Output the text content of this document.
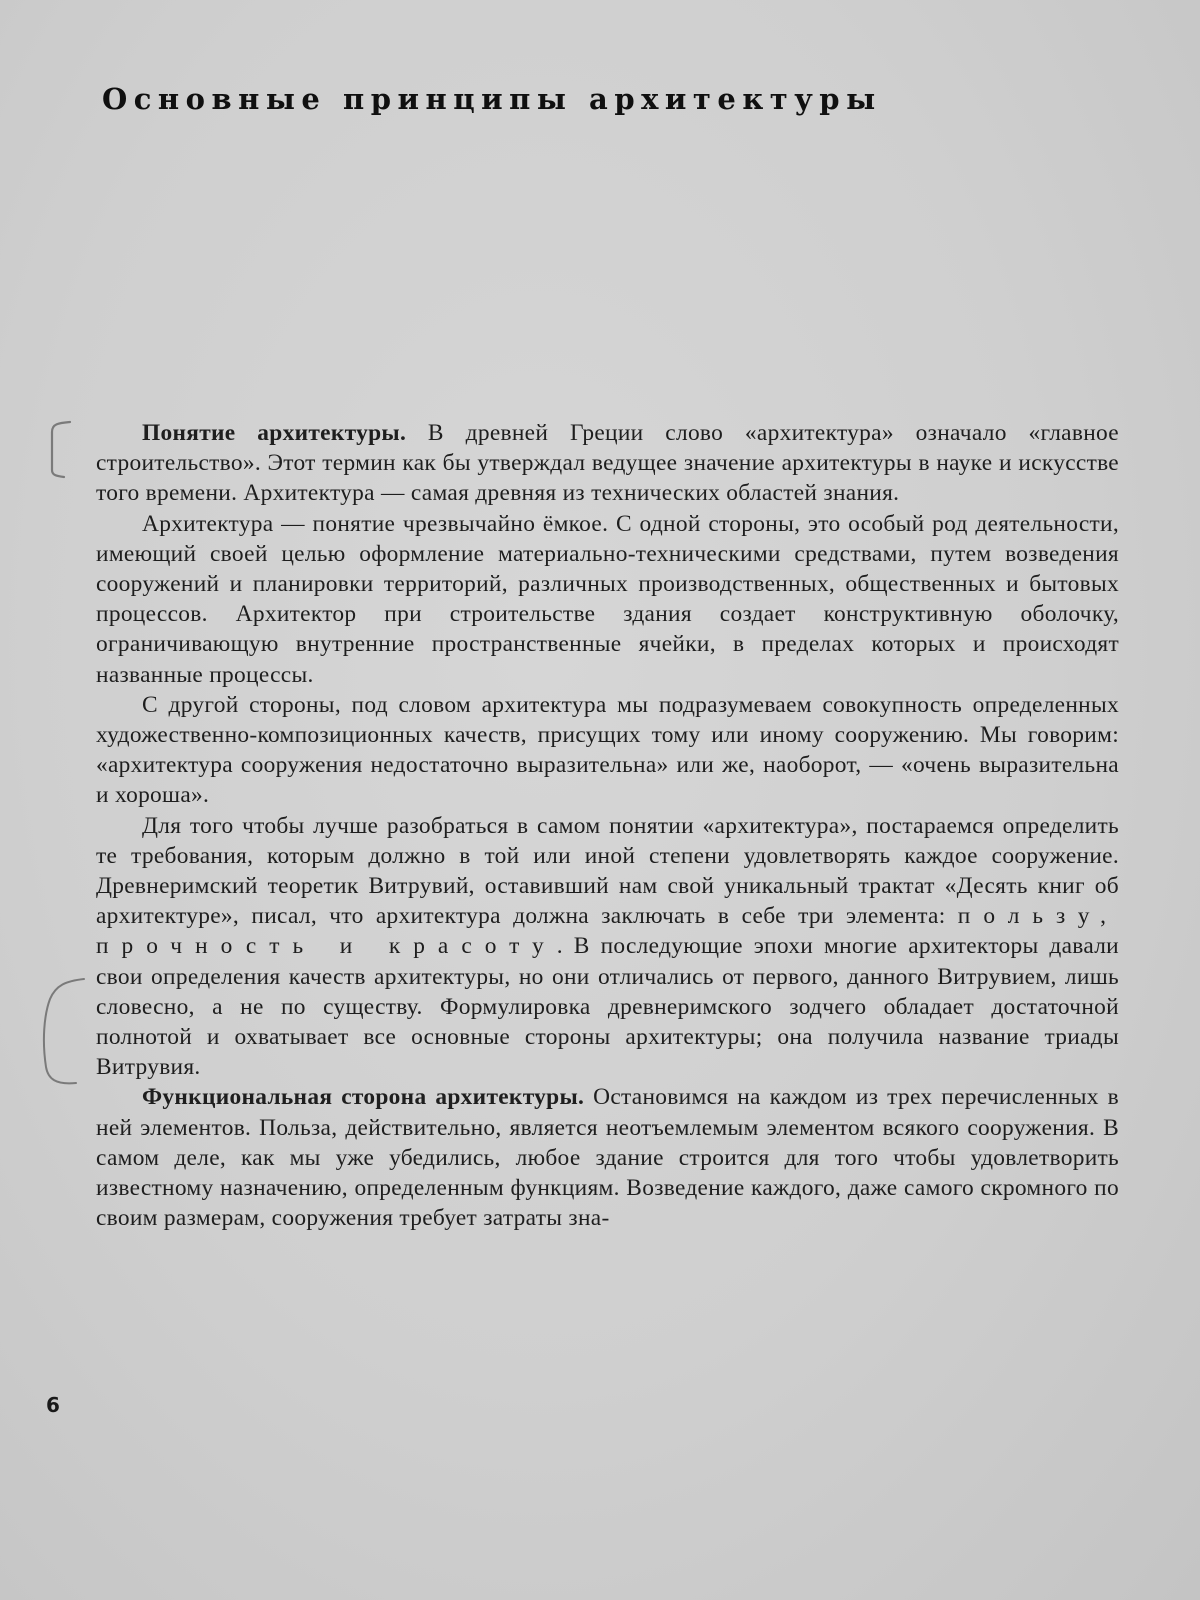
Основные принципы архитектуры

Понятие архитектуры. В древней Греции слово «архитектура» означало «главное строительство». Этот термин как бы утверждал ведущее значение архитектуры в науке и искусстве того времени. Архитектура — самая древняя из технических областей знания.

Архитектура — понятие чрезвычайно ёмкое. С одной стороны, это особый род деятельности, имеющий своей целью оформление материально-техническими средствами, путем возведения сооружений и планировки территорий, различных производственных, общественных и бытовых процессов. Архитектор при строительстве здания создает конструктивную оболочку, ограничивающую внутренние пространственные ячейки, в пределах которых и происходят названные процессы.

С другой стороны, под словом архитектура мы подразумеваем совокупность определенных художественно-композиционных качеств, присущих тому или иному сооружению. Мы говорим: «архитектура сооружения недостаточно выразительна» или же, наоборот, — «очень выразительна и хороша».

Для того чтобы лучше разобраться в самом понятии «архитектура», постараемся определить те требования, которым должно в той или иной степени удовлетворять каждое сооружение. Древнеримский теоретик Витрувий, оставивший нам свой уникальный трактат «Десять книг об архитектуре», писал, что архитектура должна заключать в себе три элемента: пользу, прочность и красоту. В последующие эпохи многие архитекторы давали свои определения качеств архитектуры, но они отличались от первого, данного Витрувием, лишь словесно, а не по существу. Формулировка древнеримского зодчего обладает достаточной полнотой и охватывает все основные стороны архитектуры; она получила название триады Витрувия.

Функциональная сторона архитектуры. Остановимся на каждом из трех перечисленных в ней элементов. Польза, действительно, является неотъемлемым элементом всякого сооружения. В самом деле, как мы уже убедились, любое здание строится для того чтобы удовлетворить известному назначению, определенным функциям. Возведение каждого, даже самого скромного по своим размерам, сооружения требует затраты зна-

6
